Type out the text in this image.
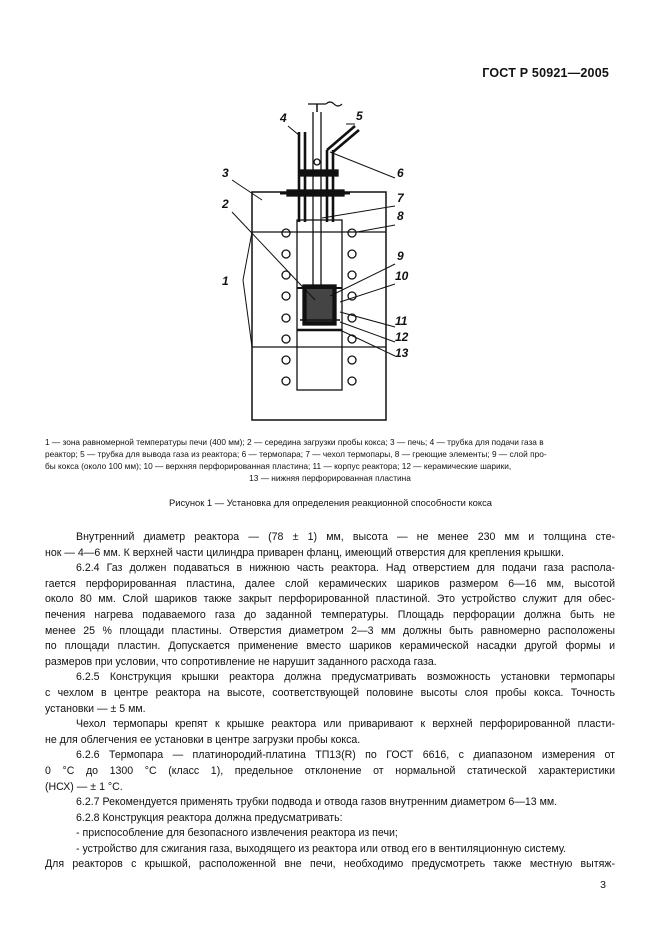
ГОСТ Р 50921—2005
1
2
3
4	5
6
7
8
9
10
11
12
13
1 — зона равномерной температуры печи (400 мм); 2 — середина загрузки пробы кокса; 3 — печь; 4 — трубка для подачи газа в
реактор; 5 — трубка для вывода газа из реактора; 6 — термопара; 7 — чехол термопары, 8 — греющие элементы; 9 — слой про-
бы кокса (около 100 мм); 10 — верхняя перфорированная пластина; 11 — корпус реактора; 12 — керамические шарики,
13 — нижняя перфорированная пластина
Рисунок 1 — Установка для определения реакционной способности кокса

Внутренний диаметр реактора — (78 ± 1) мм, высота — не менее 230 мм и толщина сте-

нок — 4—6 мм. К верхней части цилиндра приварен фланц, имеющий отверстия для крепления крышки.

6.2.4 Газ должен подаваться в нижнюю часть реактора. Над отверстием для подачи газа распола-

гается перфорированная пластина, далее слой керамических шариков размером 6—16 мм, высотой

около 80 мм. Слой шариков также закрыт перфорированной пластиной. Это устройство служит для обес-

печения нагрева подаваемого газа до заданной температуры. Площадь перфорации должна быть не

менее 25 % площади пластины. Отверстия диаметром 2—3 мм должны быть равномерно расположены

по площади пластин. Допускается применение вместо шариков керамической насадки другой формы и

размеров при условии, что сопротивление не нарушит заданного расхода газа.

6.2.5 Конструкция крышки реактора должна предусматривать возможность установки термопары

с чехлом в центре реактора на высоте, соответствующей половине высоты слоя пробы кокса. Точность

установки — ± 5 мм.

Чехол термопары крепят к крышке реактора или приваривают к верхней перфорированной пласти-

не для облегчения ее установки в центре загрузки пробы кокса.

6.2.6 Термопара — платинородий-платина ТП13(R) по ГОСТ 6616, с диапазоном измерения от

0 °С до 1300 °С (класс 1), предельное отклонение от нормальной статической характеристики

(НСХ) — ± 1 °С.

6.2.7 Рекомендуется применять трубки подвода и отвода газов внутренним диаметром 6—13 мм.

6.2.8 Конструкция реактора должна предусматривать:

- приспособление для безопасного извлечения реактора из печи;

- устройство для сжигания газа, выходящего из реактора или отвод его в вентиляционную систему.

Для реакторов с крышкой, расположенной вне печи, необходимо предусмотреть также местную вытяж-

3
